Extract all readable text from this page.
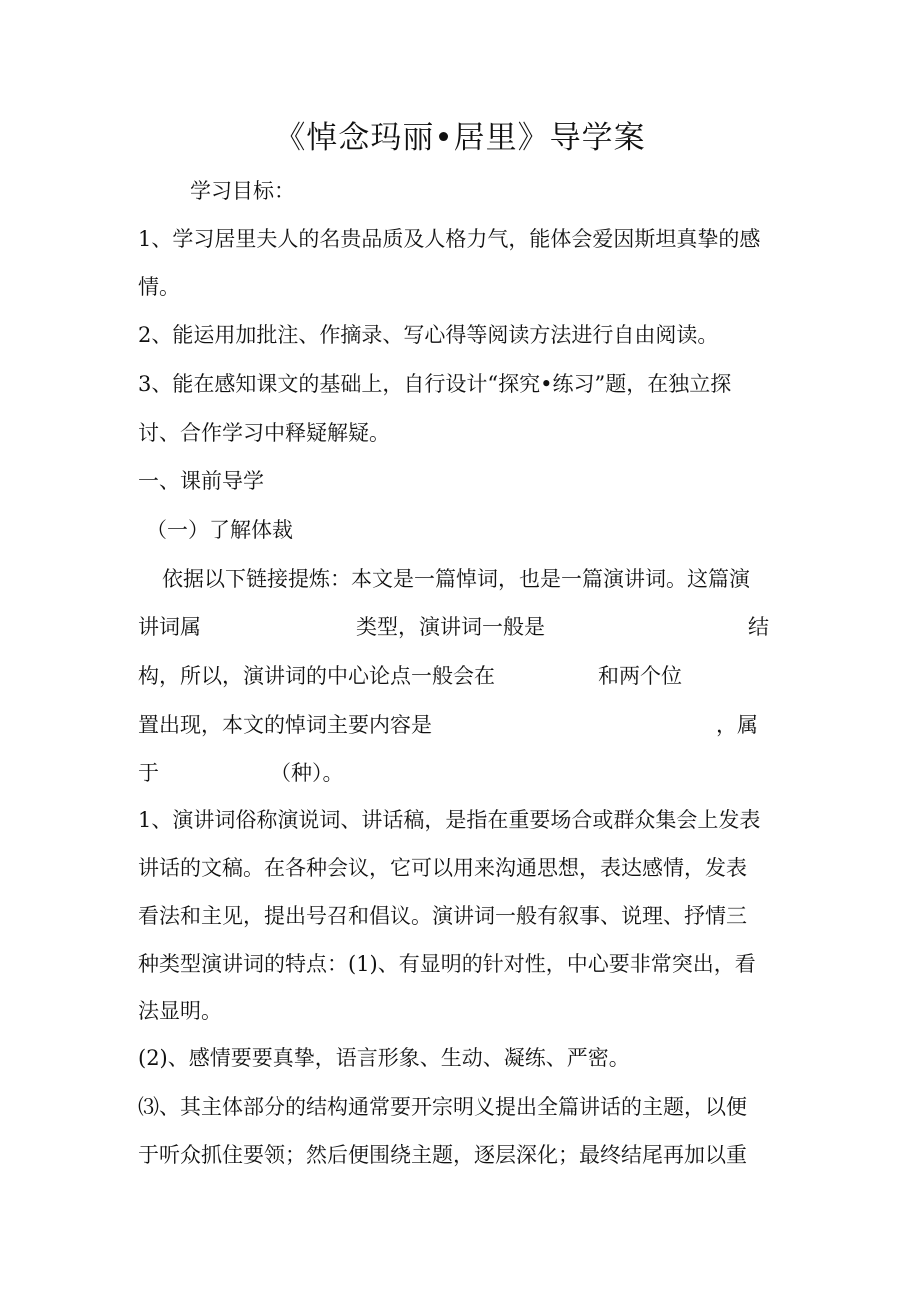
《悼念玛丽•居里》导学案
学习目标：
1、学习居里夫人的名贵品质及人格力气，能体会爱因斯坦真挚的感
情。
2、能运用加批注、作摘录、写心得等阅读方法进行自由阅读。
3、能在感知课文的基础上，自行设计“探究•练习”题，在独立探
讨、合作学习中释疑解疑。
一、课前导学
（一）了解体裁
依据以下链接提炼：本文是一篇悼词，也是一篇演讲词。这篇演
讲词属	类型，演讲词一般是	结
构，所以，演讲词的中心论点一般会在	和两个位
置出现，本文的悼词主要内容是	，属
于	（种）。
1、演讲词俗称演说词、讲话稿，是指在重要场合或群众集会上发表
讲话的文稿。在各种会议，它可以用来沟通思想，表达感情，发表
看法和主见，提出号召和倡议。演讲词一般有叙事、说理、抒情三
种类型演讲词的特点：(1)、有显明的针对性，中心要非常突出，看
法显明。
(2)、感情要要真挚，语言形象、生动、凝练、严密。
⑶、其主体部分的结构通常要开宗明义提出全篇讲话的主题，以便
于听众抓住要领；然后便围绕主题，逐层深化；最终结尾再加以重
